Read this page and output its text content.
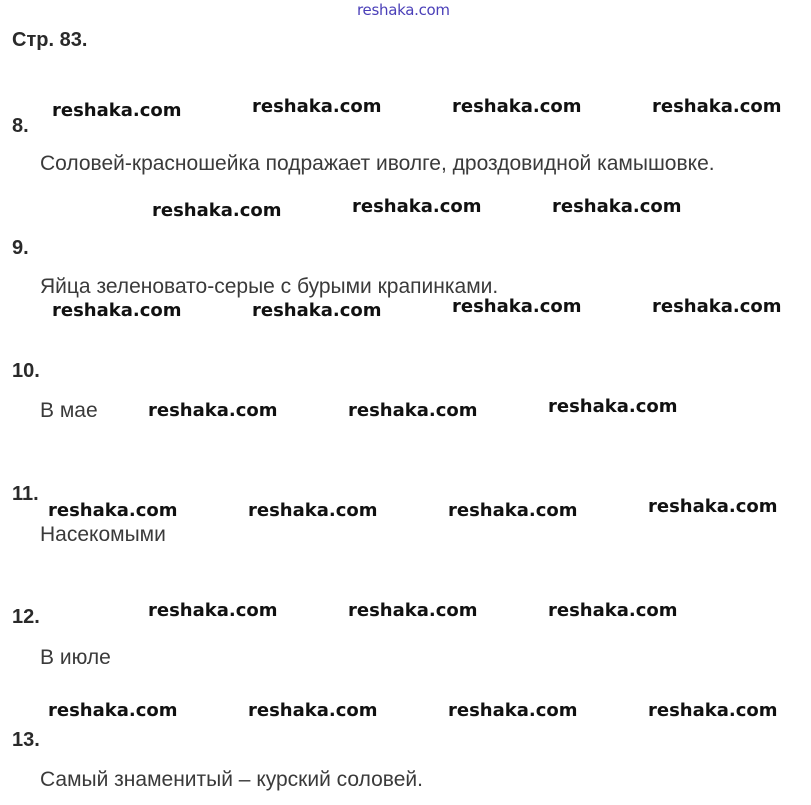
reshaka.com
Стр. 83.
8.
Соловей-красношейка подражает иволге, дроздовидной камышовке.
9.
Яйца зеленовато-серые с бурыми крапинками.
10.
В мае
11.
Насекомыми
12.
В июле
13.
Самый знаменитый – курский соловей.
reshaka.com	reshaka.com	reshaka.com	reshaka.com
reshaka.com	reshaka.com	reshaka.com
reshaka.com	reshaka.com	reshaka.com	reshaka.com
reshaka.com	reshaka.com	reshaka.com
reshaka.com	reshaka.com	reshaka.com	reshaka.com
reshaka.com	reshaka.com	reshaka.com
reshaka.com	reshaka.com	reshaka.com	reshaka.com
